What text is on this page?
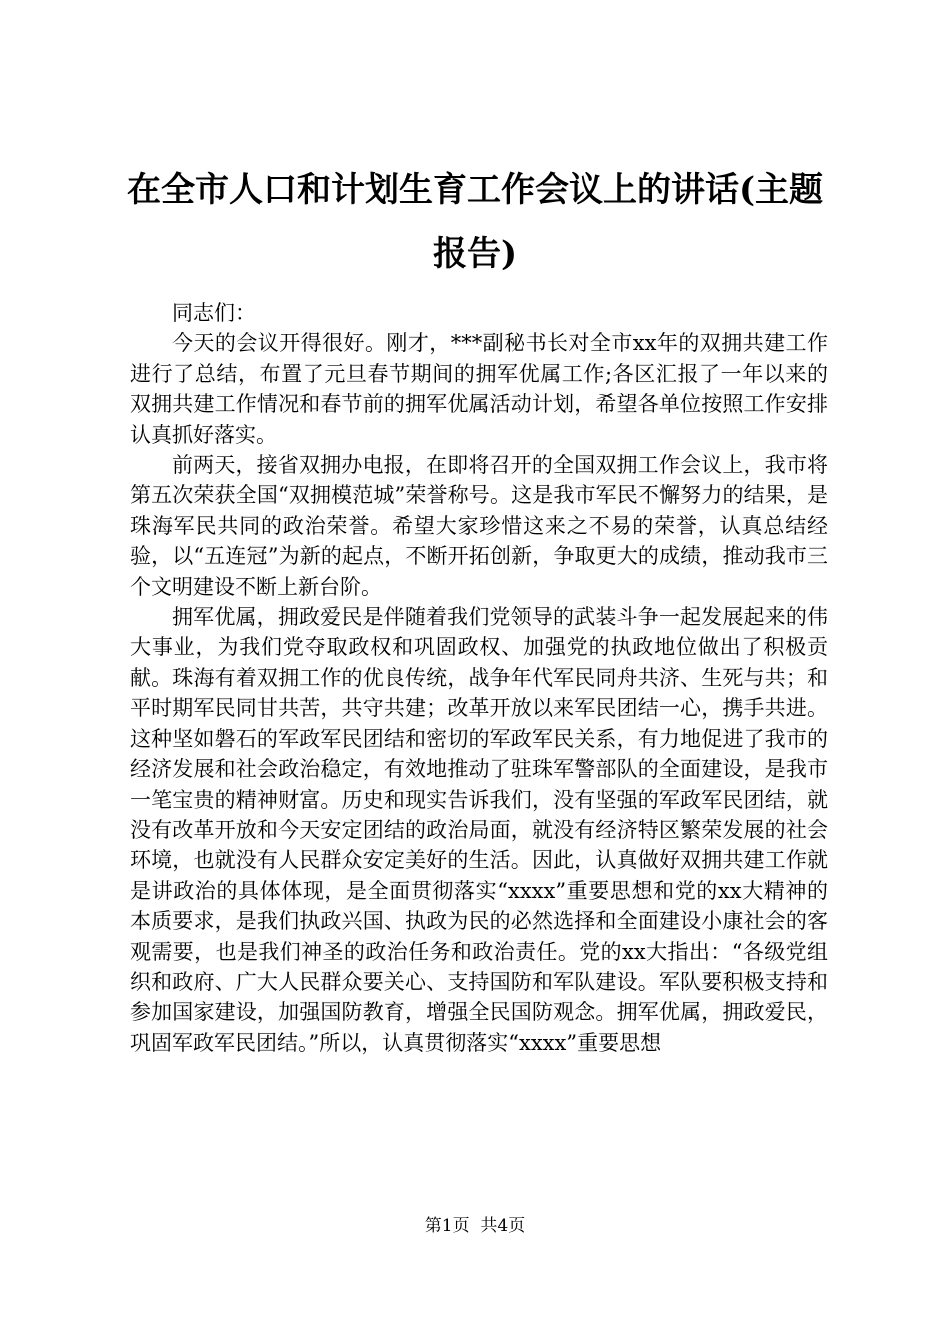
在全市人口和计划生育工作会议上的讲话(主题报告)

同志们：

今天的会议开得很好。刚才，***副秘书长对全市xx年的双拥共建工作进行了总结，布置了元旦春节期间的拥军优属工作;各区汇报了一年以来的双拥共建工作情况和春节前的拥军优属活动计划，希望各单位按照工作安排认真抓好落实。

前两天，接省双拥办电报，在即将召开的全国双拥工作会议上，我市将第五次荣获全国“双拥模范城”荣誉称号。这是我市军民不懈努力的结果，是珠海军民共同的政治荣誉。希望大家珍惜这来之不易的荣誉，认真总结经验，以“五连冠”为新的起点，不断开拓创新，争取更大的成绩，推动我市三个文明建设不断上新台阶。

拥军优属，拥政爱民是伴随着我们党领导的武装斗争一起发展起来的伟大事业，为我们党夺取政权和巩固政权、加强党的执政地位做出了积极贡献。珠海有着双拥工作的优良传统，战争年代军民同舟共济、生死与共；和平时期军民同甘共苦，共守共建；改革开放以来军民团结一心，携手共进。这种坚如磐石的军政军民团结和密切的军政军民关系，有力地促进了我市的经济发展和社会政治稳定，有效地推动了驻珠军警部队的全面建设，是我市一笔宝贵的精神财富。历史和现实告诉我们，没有坚强的军政军民团结，就没有改革开放和今天安定团结的政治局面，就没有经济特区繁荣发展的社会环境，也就没有人民群众安定美好的生活。因此，认真做好双拥共建工作就是讲政治的具体体现，是全面贯彻落实“xxxx”重要思想和党的xx大精神的本质要求，是我们执政兴国、执政为民的必然选择和全面建设小康社会的客观需要，也是我们神圣的政治任务和政治责任。党的xx大指出：“各级党组织和政府、广大人民群众要关心、支持国防和军队建设。军队要积极支持和参加国家建设，加强国防教育，增强全民国防观念。拥军优属，拥政爱民，巩固军政军民团结。”所以，认真贯彻落实“xxxx”重要思想

第1页 共4页
